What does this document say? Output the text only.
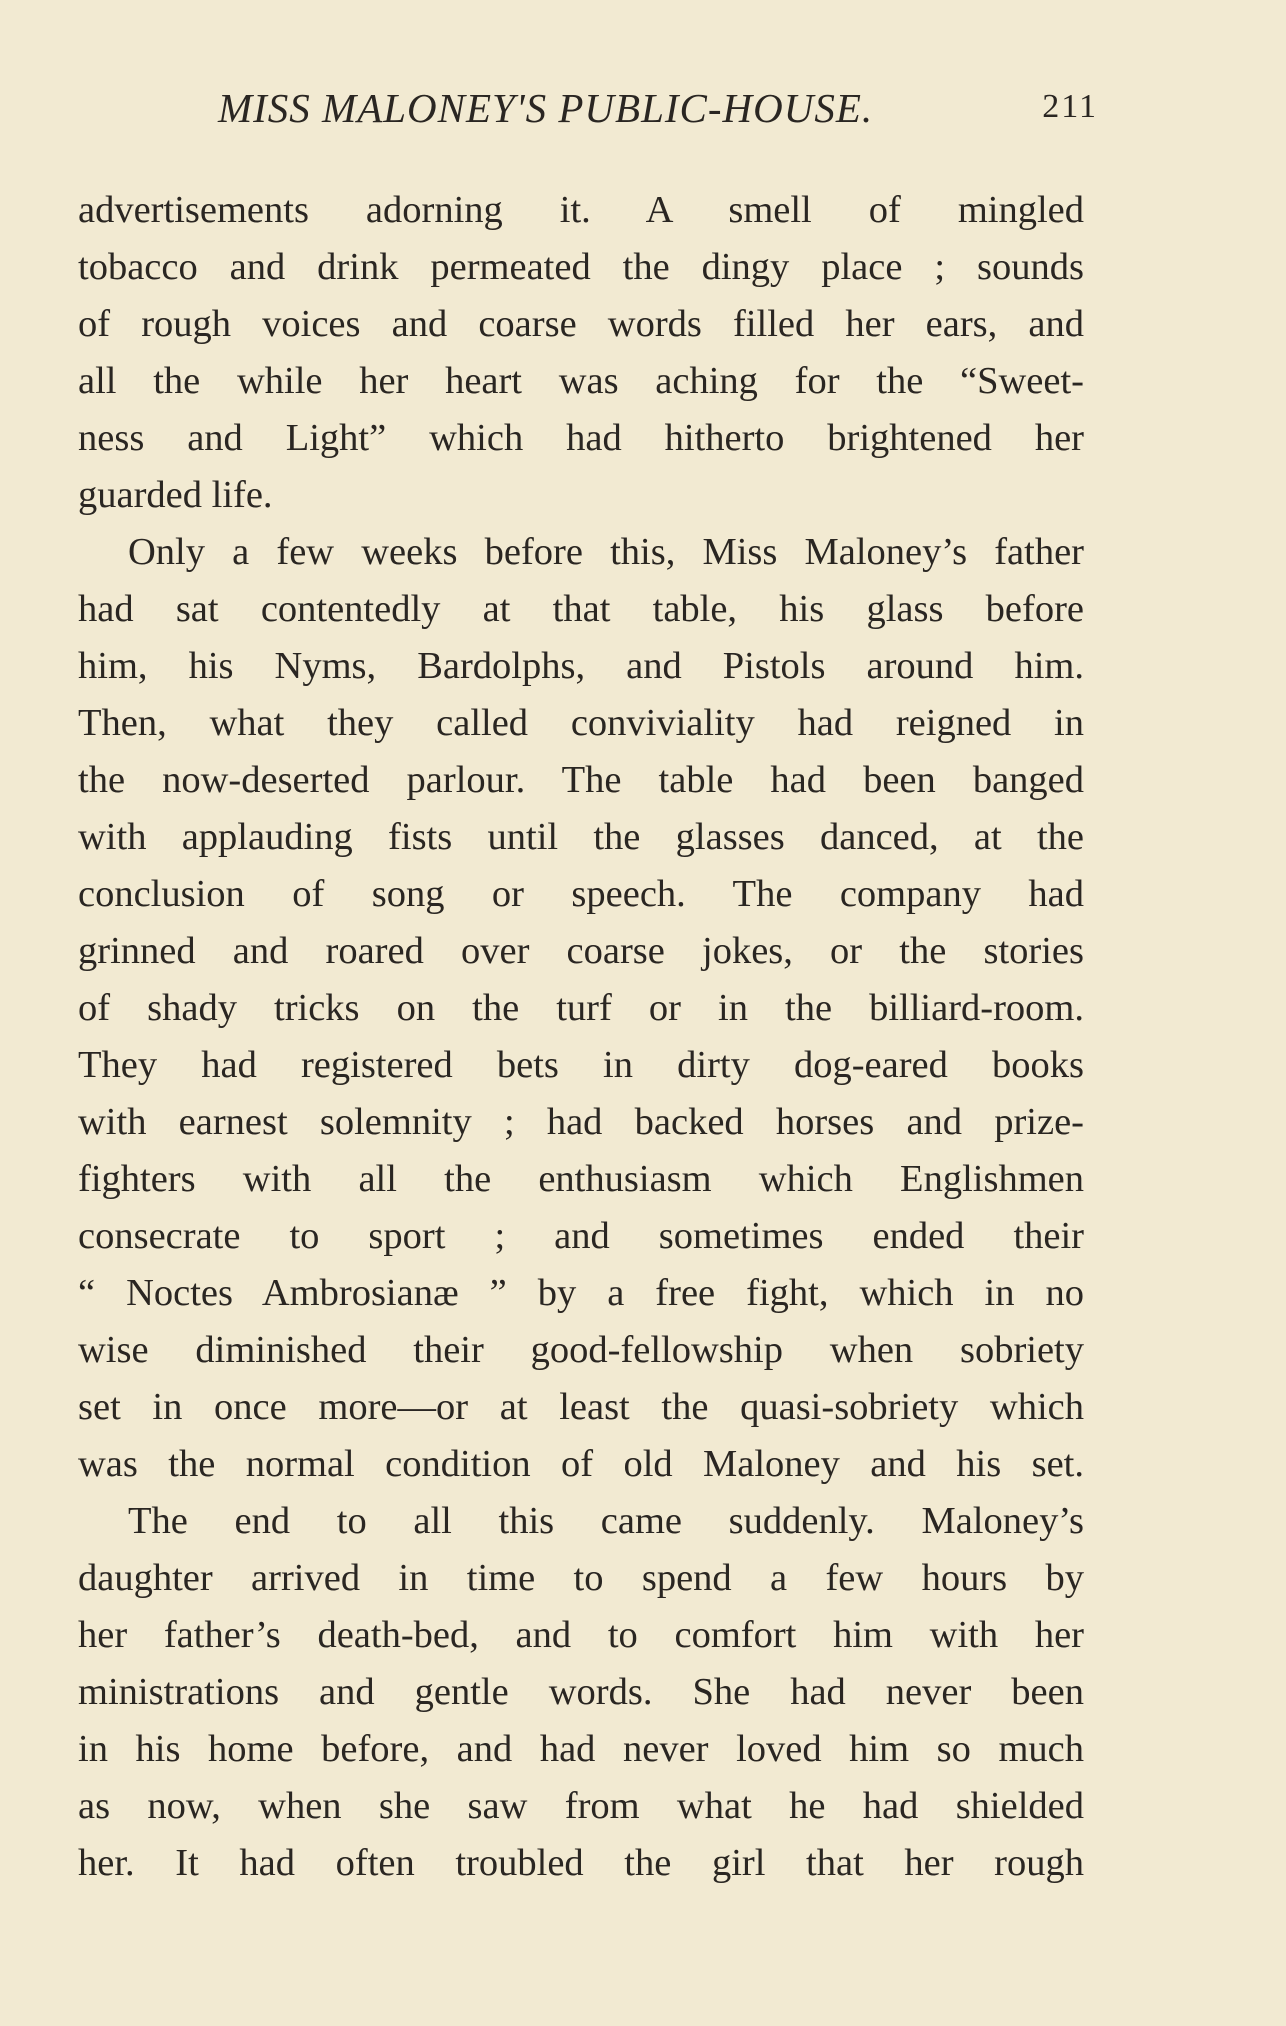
MISS MALONEY'S PUBLIC-HOUSE.	211
advertisements adorning it. A smell of mingled
tobacco and drink permeated the dingy place ; sounds
of rough voices and coarse words filled her ears, and
all the while her heart was aching for the “Sweet-
ness and Light” which had hitherto brightened her
guarded life.
Only a few weeks before this, Miss Maloney’s father
had sat contentedly at that table, his glass before
him, his Nyms, Bardolphs, and Pistols around him.
Then, what they called conviviality had reigned in
the now-deserted parlour. The table had been banged
with applauding fists until the glasses danced, at the
conclusion of song or speech. The company had
grinned and roared over coarse jokes, or the stories
of shady tricks on the turf or in the billiard-room.
They had registered bets in dirty dog-eared books
with earnest solemnity ; had backed horses and prize-
fighters with all the enthusiasm which Englishmen
consecrate to sport ; and sometimes ended their
“ Noctes Ambrosianæ ” by a free fight, which in no
wise diminished their good-fellowship when sobriety
set in once more—or at least the quasi-sobriety which
was the normal condition of old Maloney and his set.
The end to all this came suddenly. Maloney’s
daughter arrived in time to spend a few hours by
her father’s death-bed, and to comfort him with her
ministrations and gentle words. She had never been
in his home before, and had never loved him so much
as now, when she saw from what he had shielded
her. It had often troubled the girl that her rough
